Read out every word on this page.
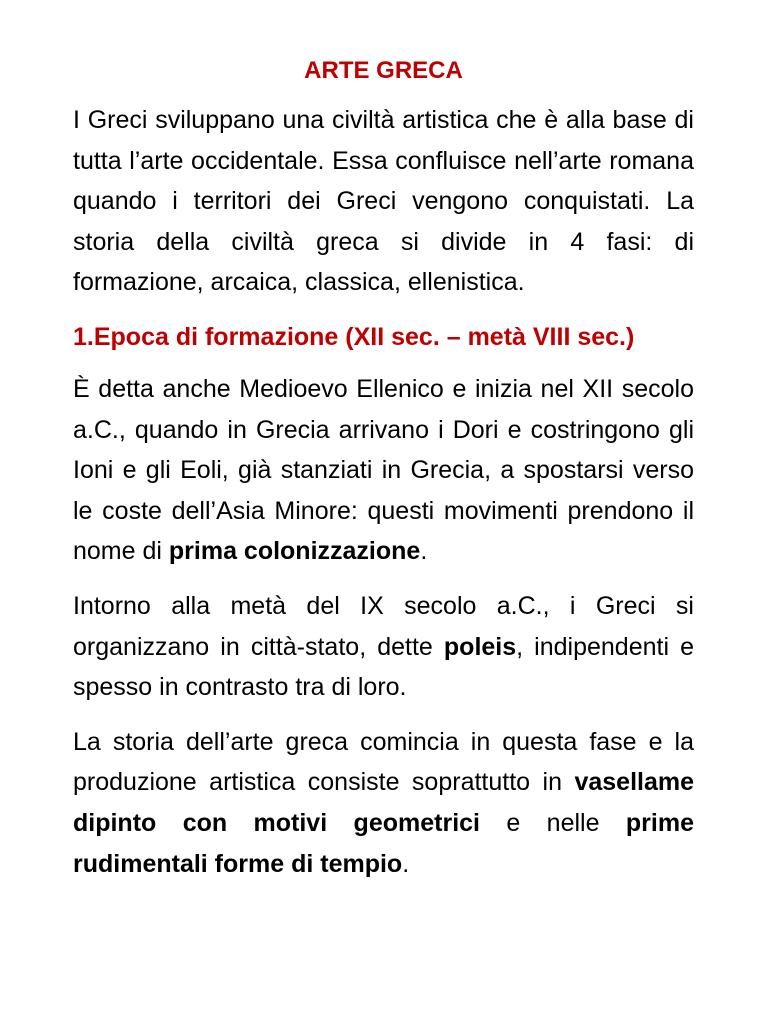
ARTE GRECA

I Greci sviluppano una civiltà artistica che è alla base di tutta l’arte occidentale. Essa confluisce nell’arte romana quando i territori dei Greci vengono conquistati. La storia della civiltà greca si divide in 4 fasi: di formazione, arcaica, classica, ellenistica.

1.Epoca di formazione (XII sec. – metà VIII sec.)

È detta anche Medioevo Ellenico e inizia nel XII secolo a.C., quando in Grecia arrivano i Dori e costringono gli Ioni e gli Eoli, già stanziati in Grecia, a spostarsi verso le coste dell’Asia Minore: questi movimenti prendono il nome di prima colonizzazione.

Intorno alla metà del IX secolo a.C., i Greci si organizzano in città-stato, dette poleis, indipendenti e spesso in contrasto tra di loro.

La storia dell’arte greca comincia in questa fase e la produzione artistica consiste soprattutto in vasellame dipinto con motivi geometrici e nelle prime rudimentali forme di tempio.
